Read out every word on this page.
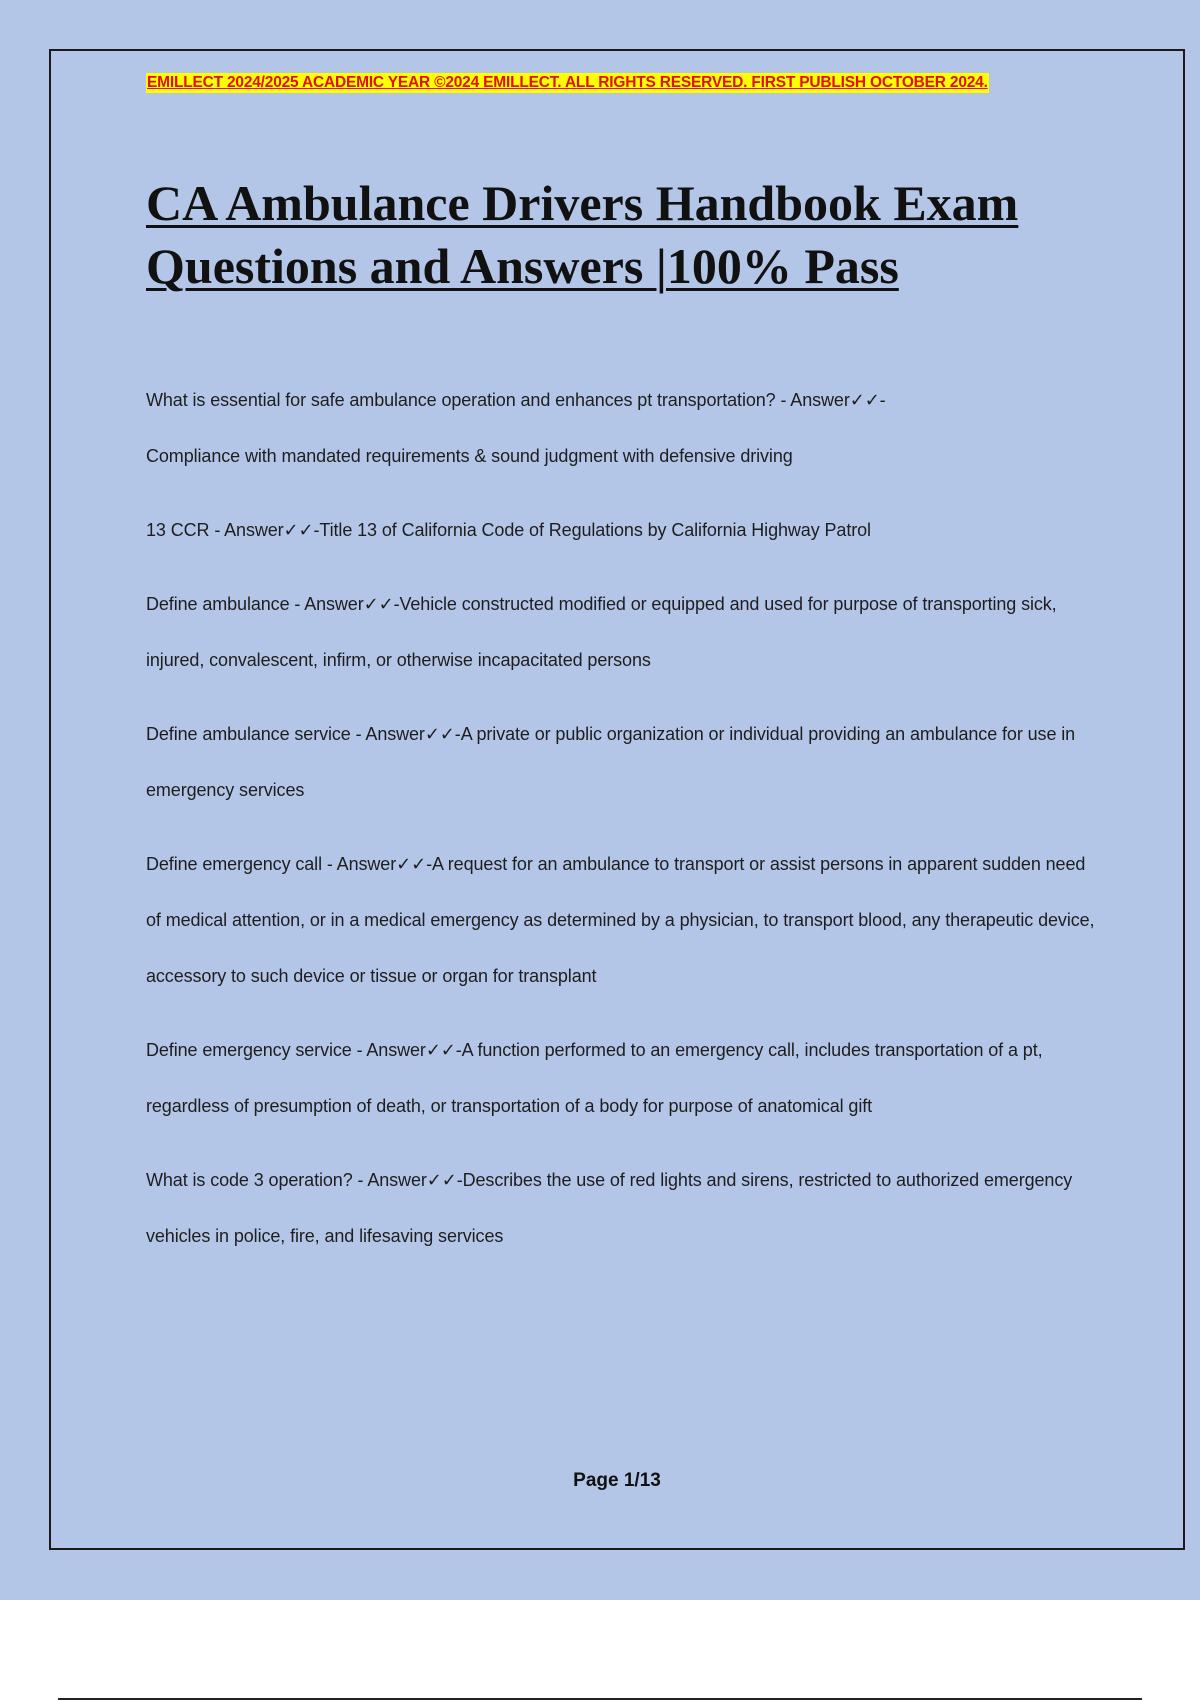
EMILLECT 2024/2025 ACADEMIC YEAR ©2024 EMILLECT. ALL RIGHTS RESERVED. FIRST PUBLISH OCTOBER 2024.
CA Ambulance Drivers Handbook Exam
Questions and Answers |100% Pass
What is essential for safe ambulance operation and enhances pt transportation? - Answer✓✓-
Compliance with mandated requirements & sound judgment with defensive driving
13 CCR - Answer✓✓-Title 13 of California Code of Regulations by California Highway Patrol
Define ambulance - Answer✓✓-Vehicle constructed modified or equipped and used for purpose of transporting sick, injured, convalescent, infirm, or otherwise incapacitated persons
Define ambulance service - Answer✓✓-A private or public organization or individual providing an ambulance for use in emergency services
Define emergency call - Answer✓✓-A request for an ambulance to transport or assist persons in apparent sudden need of medical attention, or in a medical emergency as determined by a physician, to transport blood, any therapeutic device, accessory to such device or tissue or organ for transplant
Define emergency service - Answer✓✓-A function performed to an emergency call, includes transportation of a pt, regardless of presumption of death, or transportation of a body for purpose of anatomical gift
What is code 3 operation? - Answer✓✓-Describes the use of red lights and sirens, restricted to authorized emergency vehicles in police, fire, and lifesaving services
Page 1/13
